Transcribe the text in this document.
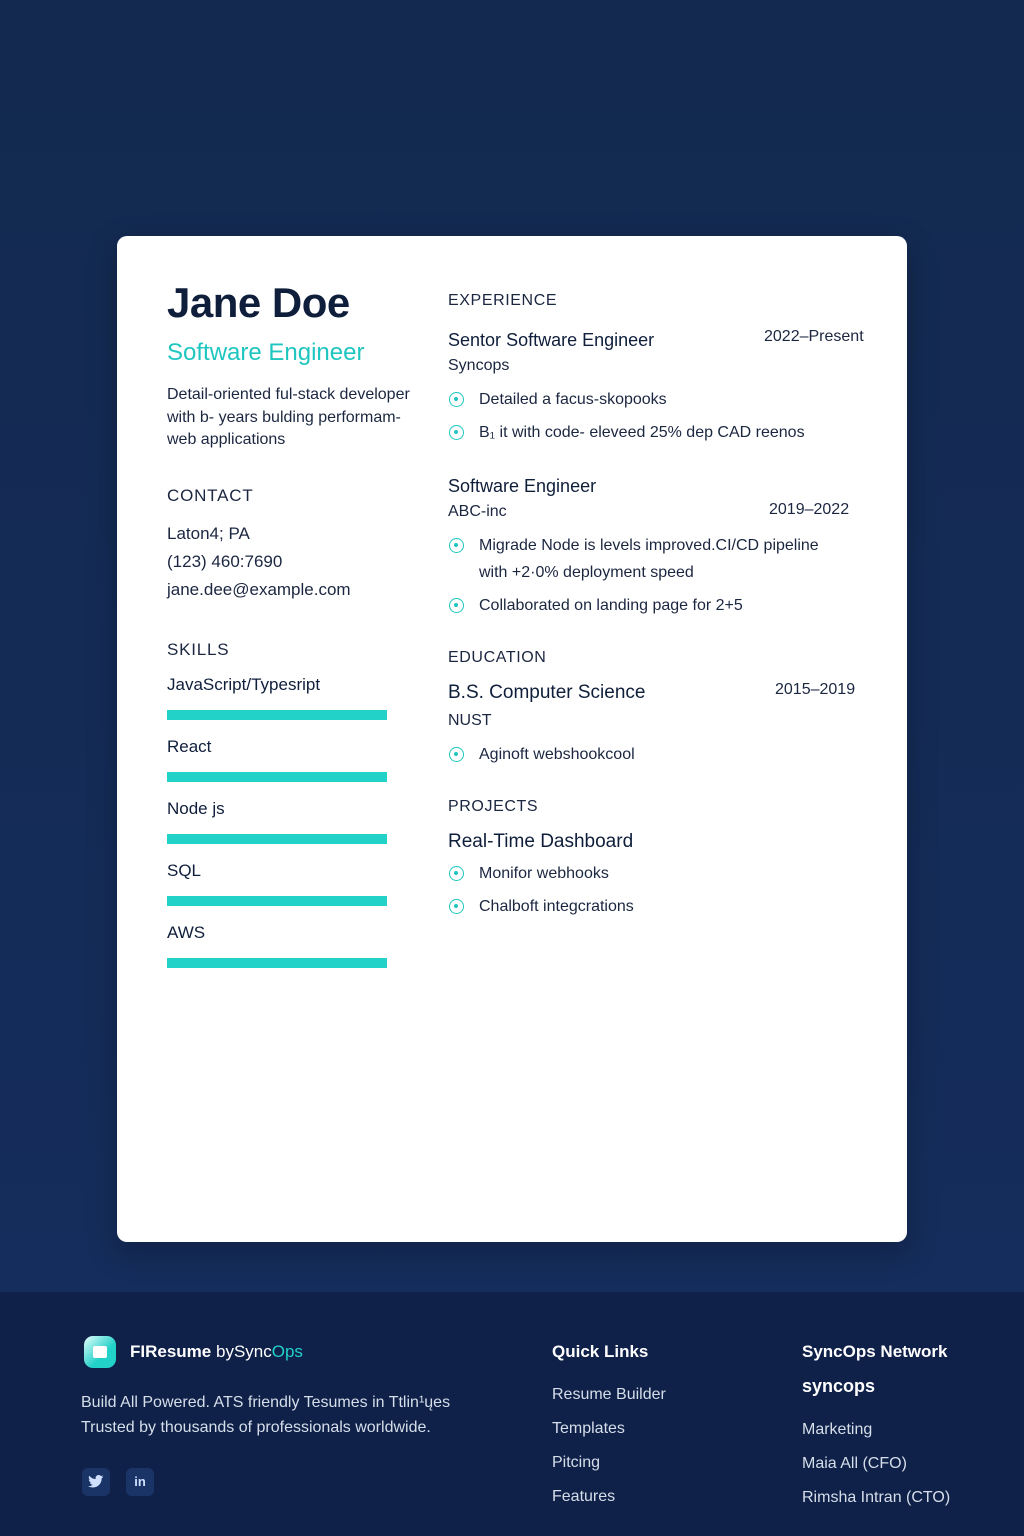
Jane Doe
Software Engineer
Detail-oriented ful-stack developer with b- years bulding performam- web applications
CONTACT
Laton4; PA
(123) 460:7690
jane.dee@example.com
SKILLS
JavaScript/Typesript
React
Node js
SQL
AWS
EXPERIENCE
Sentor Software Engineer	2022–Present
Syncops
Detailed a facus-skopooks
B₁ it with code- eleveed 25% dep CAD reenos
Software Engineer
2019–2022
ABC-inc
Migrade Node is levels improved.CI/CD pipeline with +2·0% deployment speed
Collaborated on landing page for 2+5
EDUCATION
B.S. Computer Science	2015–2019
NUST
Aginoft webshookcool
PROJECTS
Real-Time Dashboard
Monifor webhooks
Chalboft integcrations
FIResume bySyncOps
Build All Powered. ATS friendly Tesumes in Ttlin¹ųes
Trusted by thousands of professionals worldwide.
in
Quick Links
Resume Builder
Templates
Pitcing
Features
SyncOps Network
syncops
Marketing
Maia All (CFO)
Rimsha Intran (CTO)
